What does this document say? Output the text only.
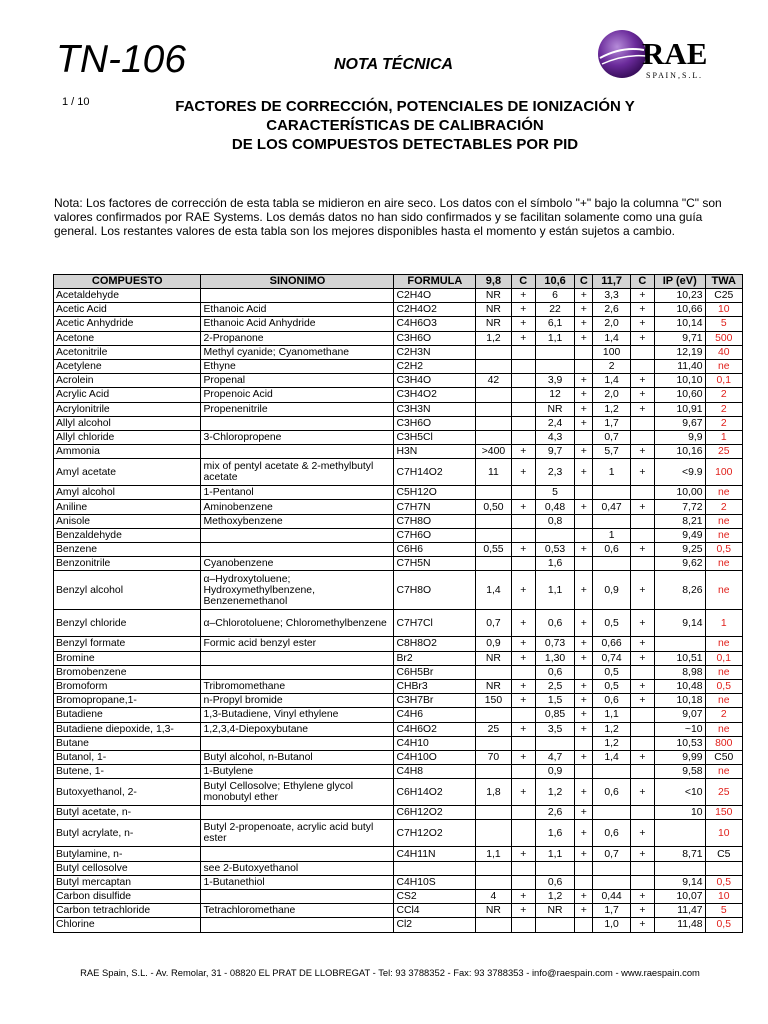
TN-106	NOTA TÉCNICA	RAE
S P A I N , S . L .
1 / 10	FACTORES DE CORRECCIÓN, POTENCIALES DE IONIZACIÓN Y
CARACTERÍSTICAS DE CALIBRACIÓN
DE LOS COMPUESTOS DETECTABLES POR PID
Nota: Los factores de corrección de esta tabla se midieron en aire seco. Los datos con el símbolo "+" bajo la columna "C" son valores confirmados por RAE Systems. Los demás datos no han sido confirmados y se facilitan solamente como una guía general. Los restantes valores de esta tabla son los mejores disponibles hasta el momento y están sujetos a cambio.
COMPUESTO	SINONIMO	FORMULA	9,8	C	10,6	C	11,7	C	IP (eV)	TWA
Acetaldehyde		C2H4O	NR	+	6	+	3,3	+	10,23	C25
Acetic Acid	Ethanoic Acid	C2H4O2	NR	+	22	+	2,6	+	10,66	10
Acetic Anhydride	Ethanoic Acid Anhydride	C4H6O3	NR	+	6,1	+	2,0	+	10,14	5
Acetone	2-Propanone	C3H6O	1,2	+	1,1	+	1,4	+	9,71	500
Acetonitrile	Methyl cyanide; Cyanomethane	C2H3N					100		12,19	40
Acetylene	Ethyne	C2H2					2		11,40	ne
Acrolein	Propenal	C3H4O	42		3,9	+	1,4	+	10,10	0,1
Acrylic Acid	Propenoic Acid	C3H4O2			12	+	2,0	+	10,60	2
Acrylonitrile	Propenenitrile	C3H3N			NR	+	1,2	+	10,91	2
Allyl alcohol		C3H6O			2,4	+	1,7		9,67	2
Allyl chloride	3-Chloropropene	C3H5Cl			4,3		0,7		9,9	1
Ammonia		H3N	>400	+	9,7	+	5,7	+	10,16	25
Amyl acetate	mix of pentyl acetate & 2-methylbutyl acetate	C7H14O2	11	+	2,3	+	1	+	<9.9	100
Amyl alcohol	1-Pentanol	C5H12O			5				10,00	ne
Aniline	Aminobenzene	C7H7N	0,50	+	0,48	+	0,47	+	7,72	2
Anisole	Methoxybenzene	C7H8O			0,8				8,21	ne
Benzaldehyde		C7H6O					1		9,49	ne
Benzene		C6H6	0,55	+	0,53	+	0,6	+	9,25	0,5
Benzonitrile	Cyanobenzene	C7H5N			1,6				9,62	ne
Benzyl alcohol	α–Hydroxytoluene; Hydroxymethylbenzene, Benzenemethanol	C7H8O	1,4	+	1,1	+	0,9	+	8,26	ne
Benzyl chloride	α–Chlorotoluene; Chloromethylbenzene	C7H7Cl	0,7	+	0,6	+	0,5	+	9,14	1
Benzyl formate	Formic acid benzyl ester	C8H8O2	0,9	+	0,73	+	0,66	+		ne
Bromine		Br2	NR	+	1,30	+	0,74	+	10,51	0,1
Bromobenzene		C6H5Br			0,6		0,5		8,98	ne
Bromoform	Tribromomethane	CHBr3	NR	+	2,5	+	0,5	+	10,48	0,5
Bromopropane,1-	n-Propyl bromide	C3H7Br	150	+	1,5	+	0,6	+	10,18	ne
Butadiene	1,3-Butadiene, Vinyl ethylene	C4H6			0,85	+	1,1		9,07	2
Butadiene diepoxide, 1,3-	1,2,3,4-Diepoxybutane	C4H6O2	25	+	3,5	+	1,2		~10	ne
Butane		C4H10					1,2		10,53	800
Butanol, 1-	Butyl alcohol, n-Butanol	C4H10O	70	+	4,7	+	1,4	+	9,99	C50
Butene, 1-	1-Butylene	C4H8			0,9				9,58	ne
Butoxyethanol, 2-	Butyl Cellosolve; Ethylene glycol monobutyl ether	C6H14O2	1,8	+	1,2	+	0,6	+	<10	25
Butyl acetate, n-		C6H12O2			2,6	+			10	150
Butyl acrylate, n-	Butyl 2-propenoate, acrylic acid butyl ester	C7H12O2			1,6	+	0,6	+		10
Butylamine, n-		C4H11N	1,1	+	1,1	+	0,7	+	8,71	C5
Butyl cellosolve	see 2-Butoxyethanol									
Butyl mercaptan	1-Butanethiol	C4H10S			0,6				9,14	0,5
Carbon disulfide		CS2	4	+	1,2	+	0,44	+	10,07	10
Carbon tetrachloride	Tetrachloromethane	CCl4	NR	+	NR	+	1,7	+	11,47	5
Chlorine		Cl2					1,0	+	11,48	0,5
RAE Spain, S.L. - Av. Remolar, 31 - 08820 EL PRAT DE LLOBREGAT - Tel: 93 3788352 - Fax: 93 3788353 - info@raespain.com - www.raespain.com
